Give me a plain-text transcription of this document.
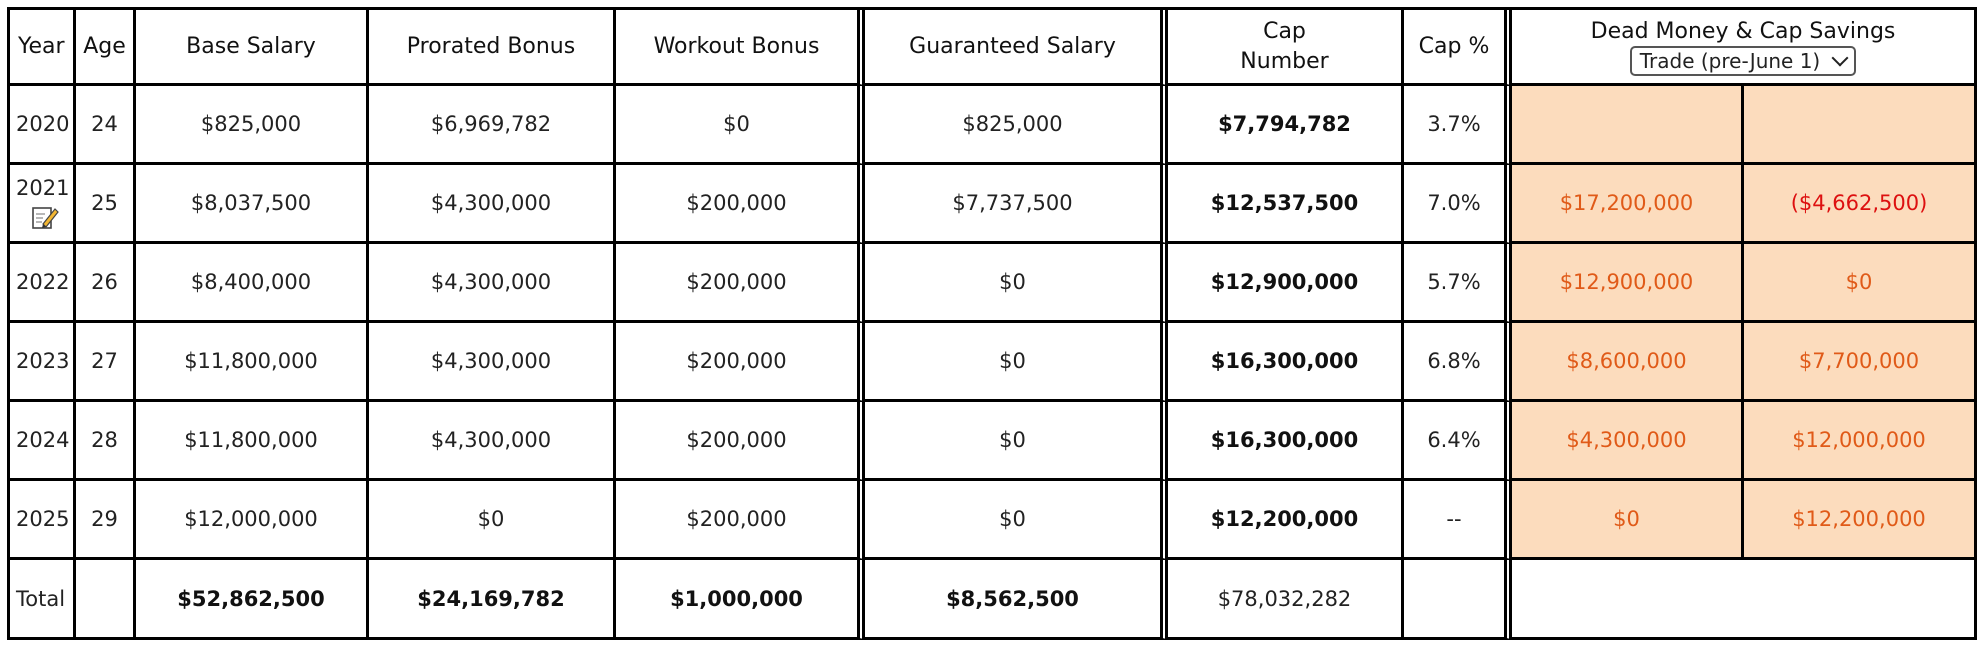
Year	Age	Base Salary	Prorated Bonus	Workout Bonus	Guaranteed Salary	Cap
Number	Cap %	Dead Money & Cap Savings
Trade (pre-June 1)	
2020	24	$825,000	$6,969,782	$0	$825,000	$7,794,782	3.7%		
2021	25	$8,037,500	$4,300,000	$200,000	$7,737,500	$12,537,500	7.0%	$17,200,000	($4,662,500)
2022	26	$8,400,000	$4,300,000	$200,000	$0	$12,900,000	5.7%	$12,900,000	$0
2023	27	$11,800,000	$4,300,000	$200,000	$0	$16,300,000	6.8%	$8,600,000	$7,700,000
2024	28	$11,800,000	$4,300,000	$200,000	$0	$16,300,000	6.4%	$4,300,000	$12,000,000
2025	29	$12,000,000	$0	$200,000	$0	$12,200,000	--	$0	$12,200,000
Total		$52,862,500	$24,169,782	$1,000,000	$8,562,500	$78,032,282			
